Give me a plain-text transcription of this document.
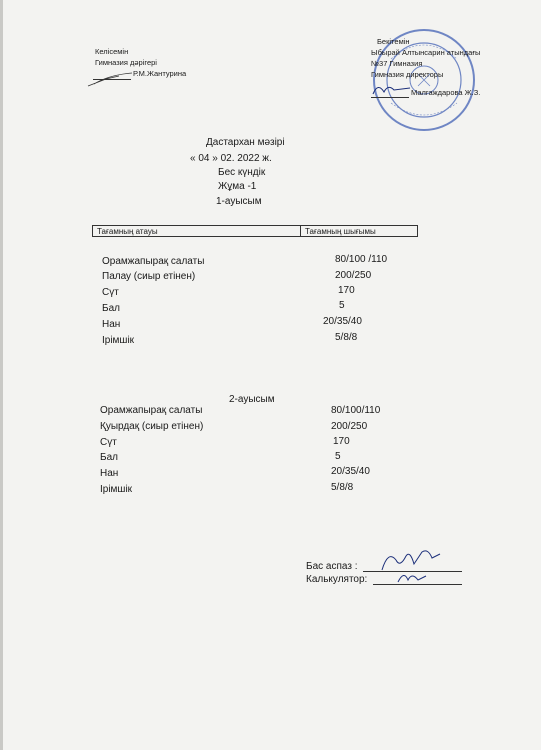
Келісемін
Гимназия дәрігері
Р.М.Жантурина
Бекітемін
Ыбырай Алтынсарин атындағы
№37 Гимназия
Гимназия директоры
Малгаждарова Ж.З.
Дастархан мәзірі
« 04 » 02. 2022 ж.
Бес күндік
Жұма -1
1-ауысым
Тағамның атауы	Тағамның шығымы
Орамжапырақ салаты	80/100 /110
Палау (сиыр етінен)	200/250
Сүт	170
Бал	5
Нан	20/35/40
Ірімшік	5/8/8
2-ауысым
Орамжапырақ салаты	80/100/110
Қуырдақ (сиыр етінен)	200/250
Сүт	170
Бал	5
Нан	20/35/40
Ірімшік	5/8/8
Бас аспаз :
Калькулятор:
